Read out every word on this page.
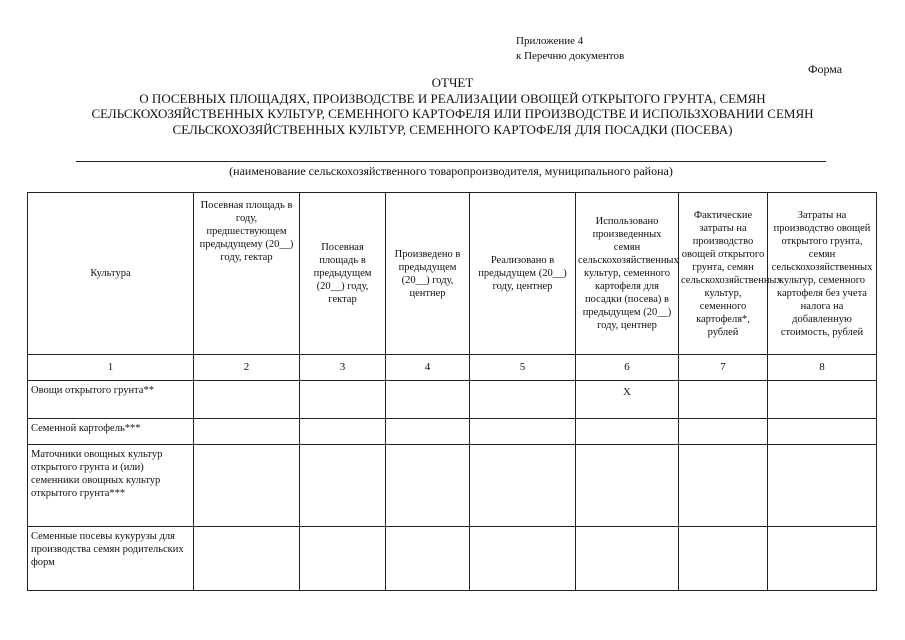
Приложение 4
к Перечню документов
Форма
ОТЧЕТ
О ПОСЕВНЫХ ПЛОЩАДЯХ, ПРОИЗВОДСТВЕ И РЕАЛИЗАЦИИ ОВОЩЕЙ ОТКРЫТОГО ГРУНТА, СЕМЯН
СЕЛЬСКОХОЗЯЙСТВЕННЫХ КУЛЬТУР, СЕМЕННОГО КАРТОФЕЛЯ ИЛИ ПРОИЗВОДСТВЕ И ИСПОЛЬЗХОВАНИИ СЕМЯН
СЕЛЬСКОХОЗЯЙСТВЕННЫХ КУЛЬТУР, СЕМЕННОГО КАРТОФЕЛЯ ДЛЯ ПОСАДКИ (ПОСЕВА)
(наименование сельскохозяйственного товаропроизводителя, муниципального района)
Культура	Посевная площадь в году, предшествующем предыдущему (20__) году, гектар	Посевная площадь в предыдущем (20__) году, гектар	Произведено в предыдущем (20__) году, центнер	Реализовано в предыдущем (20__) году, центнер	Использовано произведенных семян сельскохозяйственных культур, семенного картофеля для посадки (посева) в предыдущем (20__) году, центнер	Фактические затраты на производство овощей открытого грунта, семян сельскохозяйственных культур, семенного картофеля*, рублей	Затраты на производство овощей открытого грунта, семян сельскохозяйственных культур, семенного картофеля без учета налога на добавленную стоимость, рублей
1	2	3	4	5	6	7	8
Овощи открытого грунта**					X		
Семенной картофель***							
Маточники овощных культур открытого грунта и (или) семенники овощных культур открытого грунта***							
Семенные посевы кукурузы для производства семян родительских форм							
